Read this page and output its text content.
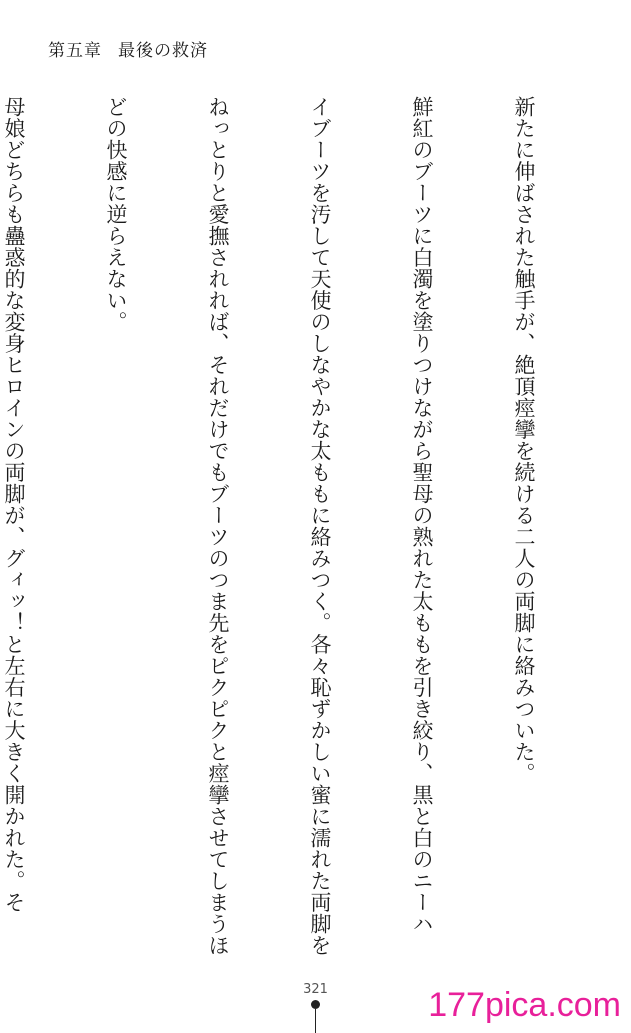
第五章 最後の救済

新たに伸ばされた触手が、絶頂痙攣を続ける二人の両脚に絡みついた。

鮮紅のブーツに白濁を塗りつけながら聖母の熟れた太ももを引き絞り、黒と白のニーハ

イブーツを汚して天使のしなやかな太ももに絡みつく。各々恥ずかしい蜜に濡れた両脚を

ねっとりと愛撫されれば、それだけでもブーツのつま先をピクピクと痙攣させてしまうほ

どの快感に逆らえない。

母娘どちらも蠱惑的な変身ヒロインの両脚が、グィッ！と左右に大きく開かれた。そ

321	177pica.com
